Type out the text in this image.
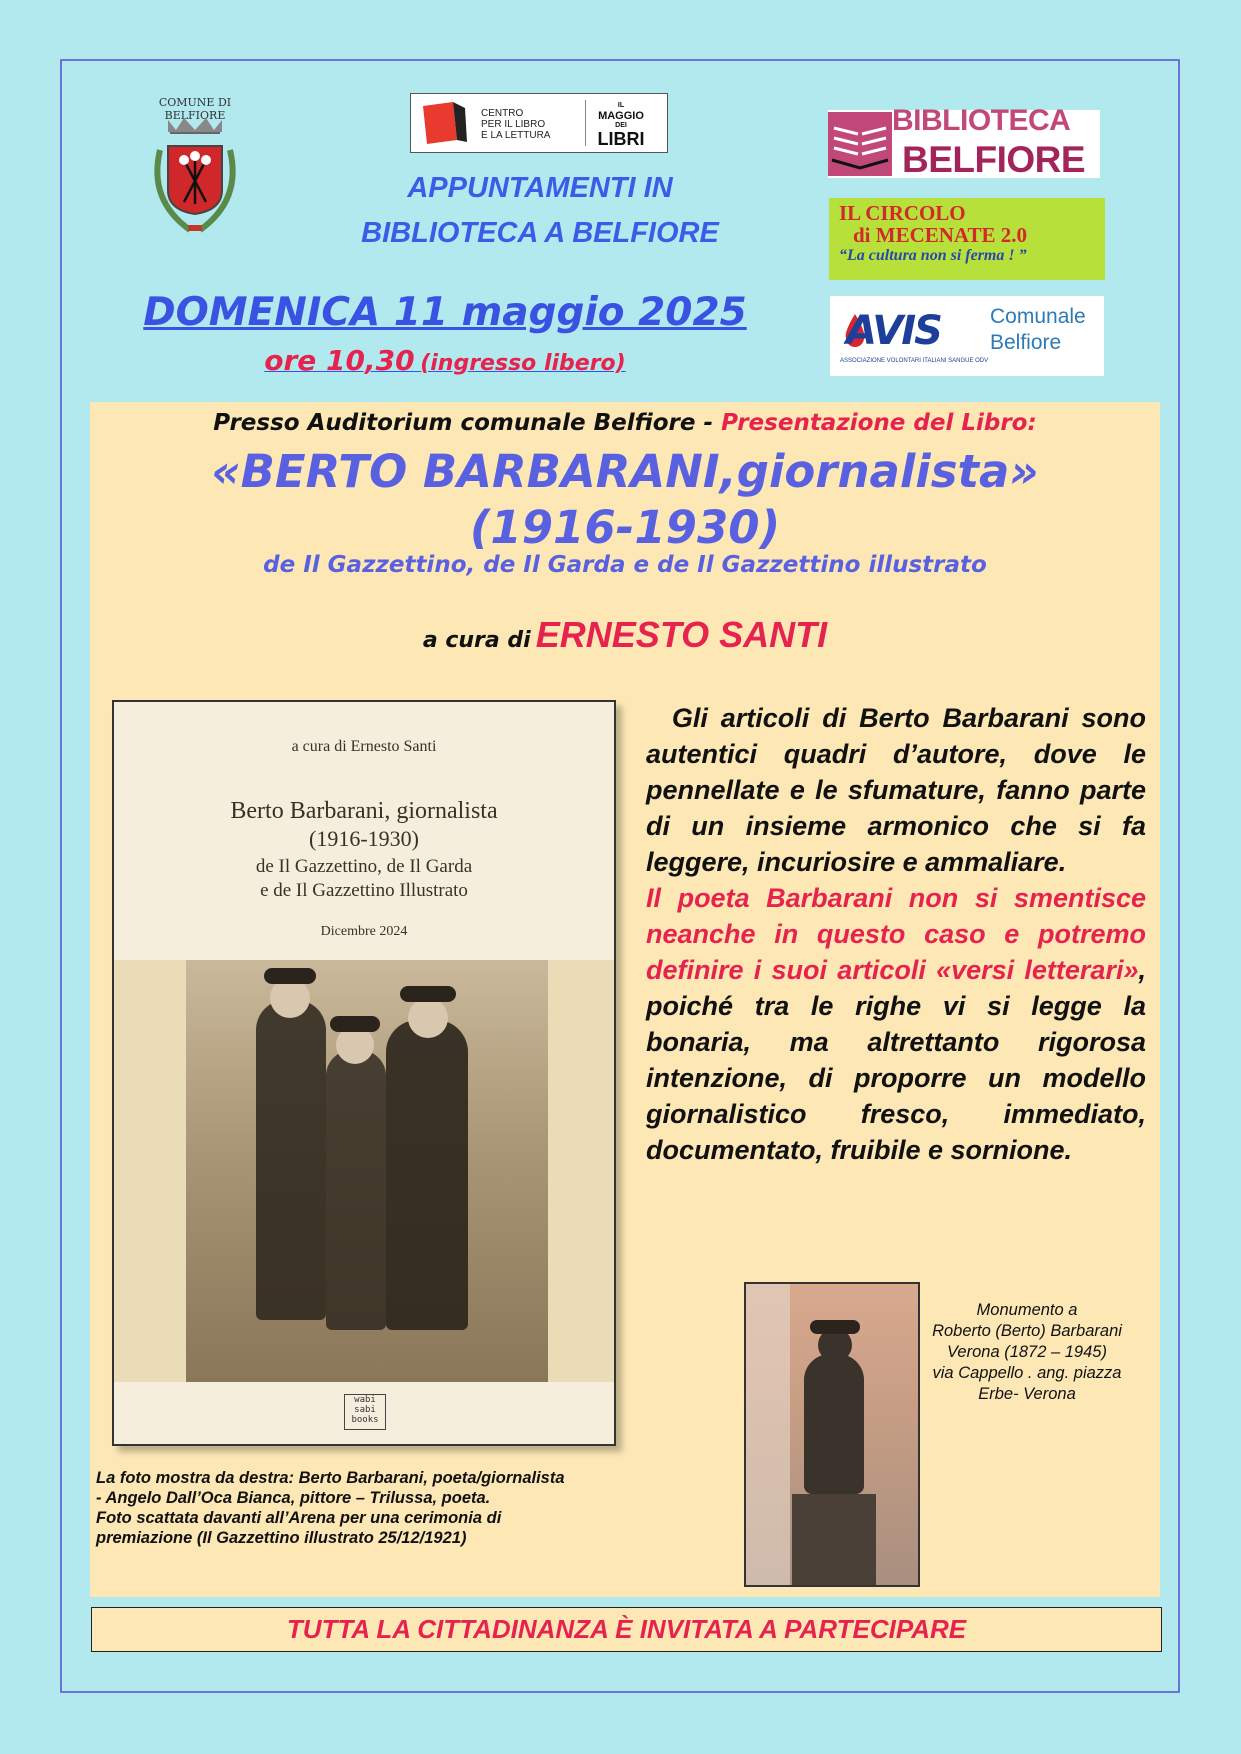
COMUNE DI BELFIORE	CENTRO
PER IL LIBRO
E LA LETTURA
IL
MAGGIO
DEI
LIBRI
APPUNTAMENTI IN
BIBLIOTECA A BELFIORE
DOMENICA 11 maggio 2025
ore 10,30 (ingresso libero)
BIBLIOTECA
BELFIORE
IL CIRCOLO
di MECENATE 2.0
“La cultura non si ferma ! ”
AVIS
ASSOCIAZIONE VOLONTARI ITALIANI SANGUE ODV
Comunale
Belfiore
Presso Auditorium comunale Belfiore - Presentazione del Libro:
«BERTO BARBARANI,giornalista»
(1916-1930)
de Il Gazzettino, de Il Garda e de Il Gazzettino illustrato
a cura di ERNESTO SANTI
a cura di Ernesto Santi
Berto Barbarani, giornalista
(1916-1930)
de Il Gazzettino, de Il Garda
e de Il Gazzettino Illustrato
Dicembre 2024
wabi
sabi
books
Gli articoli di Berto Barbarani sono autentici quadri d’autore, dove le pennellate e le sfumature, fanno parte di un insieme armonico che si fa leggere, incuriosire e ammaliare.
Il poeta Barbarani non si smentisce neanche in questo caso e potremo definire i suoi articoli «versi letterari», poiché tra le righe vi si legge la bonaria, ma altrettanto rigorosa intenzione, di proporre un modello giornalistico fresco, immediato, documentato, fruibile e sornione.
La foto mostra da destra: Berto Barbarani, poeta/giornalista
- Angelo Dall’Oca Bianca, pittore – Trilussa, poeta.
Foto scattata davanti all’Arena per una cerimonia di
premiazione (Il Gazzettino illustrato 25/12/1921)
Monumento a
Roberto (Berto) Barbarani
Verona (1872 – 1945)
via Cappello . ang. piazza
Erbe- Verona
TUTTA LA CITTADINANZA È INVITATA A PARTECIPARE
